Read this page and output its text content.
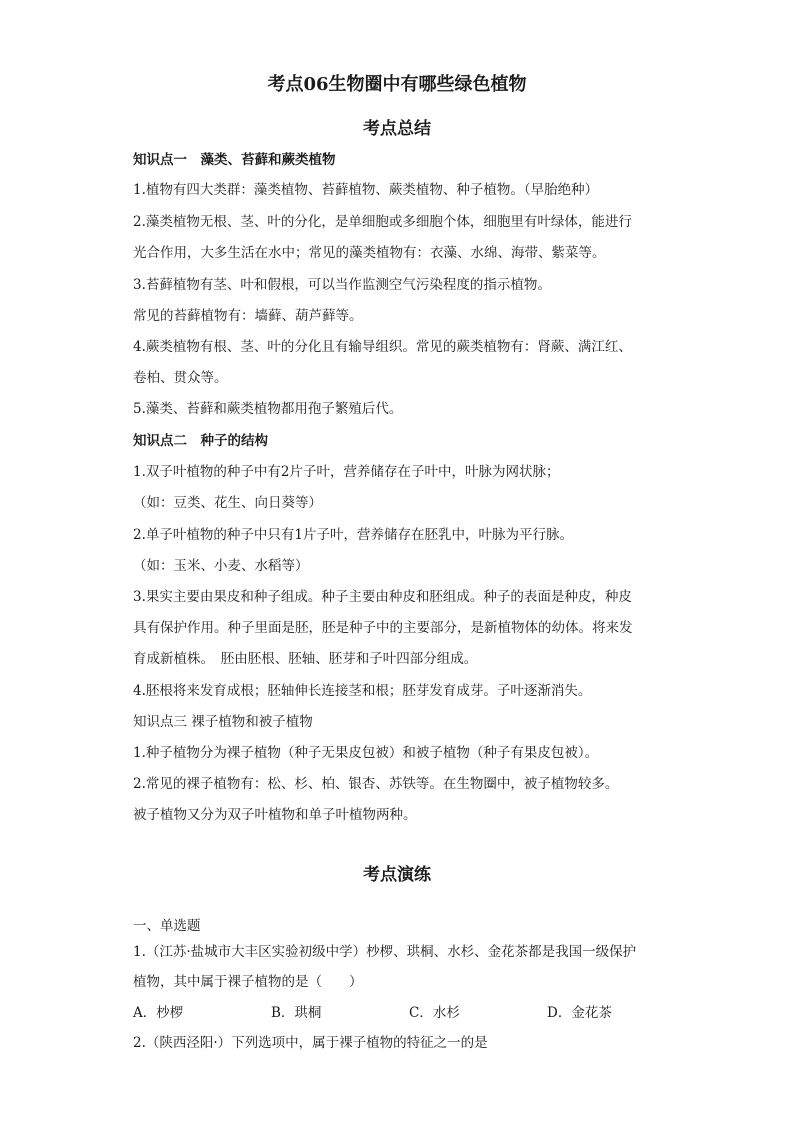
考点06生物圈中有哪些绿色植物
考点总结
知识点一　藻类、苔藓和蕨类植物
1.植物有四大类群：藻类植物、苔藓植物、蕨类植物、种子植物。（早胎绝种）
2.藻类植物无根、茎、叶的分化，是单细胞或多细胞个体，细胞里有叶绿体，能进行
光合作用，大多生活在水中；常见的藻类植物有：衣藻、水绵、海带、紫菜等。
3.苔藓植物有茎、叶和假根，可以当作监测空气污染程度的指示植物。
常见的苔藓植物有：墙藓、葫芦藓等。
4.蕨类植物有根、茎、叶的分化且有输导组织。常见的蕨类植物有：肾蕨、满江红、
卷柏、贯众等。
5.藻类、苔藓和蕨类植物都用孢子繁殖后代。
知识点二　种子的结构
1.双子叶植物的种子中有2片子叶，营养储存在子叶中，叶脉为网状脉；
（如：豆类、花生、向日葵等）
2.单子叶植物的种子中只有1片子叶，营养储存在胚乳中，叶脉为平行脉。
（如：玉米、小麦、水稻等）
3.果实主要由果皮和种子组成。种子主要由种皮和胚组成。种子的表面是种皮，种皮
具有保护作用。种子里面是胚，胚是种子中的主要部分，是新植物体的幼体。将来发
育成新植株。　胚由胚根、胚轴、胚芽和子叶四部分组成。
4.胚根将来发育成根；胚轴伸长连接茎和根；胚芽发育成芽。子叶逐渐消失。
知识点三 裸子植物和被子植物
1.种子植物分为裸子植物（种子无果皮包被）和被子植物（种子有果皮包被）。
2.常见的裸子植物有：松、杉、柏、银杏、苏铁等。在生物圈中，被子植物较多。
被子植物又分为双子叶植物和单子叶植物两种。
考点演练
一、单选题
1.（江苏·盐城市大丰区实验初级中学）杪椤、珙桐、水杉、金花茶都是我国一级保护
植物，其中属于裸子植物的是（　　）
A．杪椤	B．珙桐	C．水杉	D．金花茶
2.（陕西泾阳·）下列选项中，属于裸子植物的特征之一的是
